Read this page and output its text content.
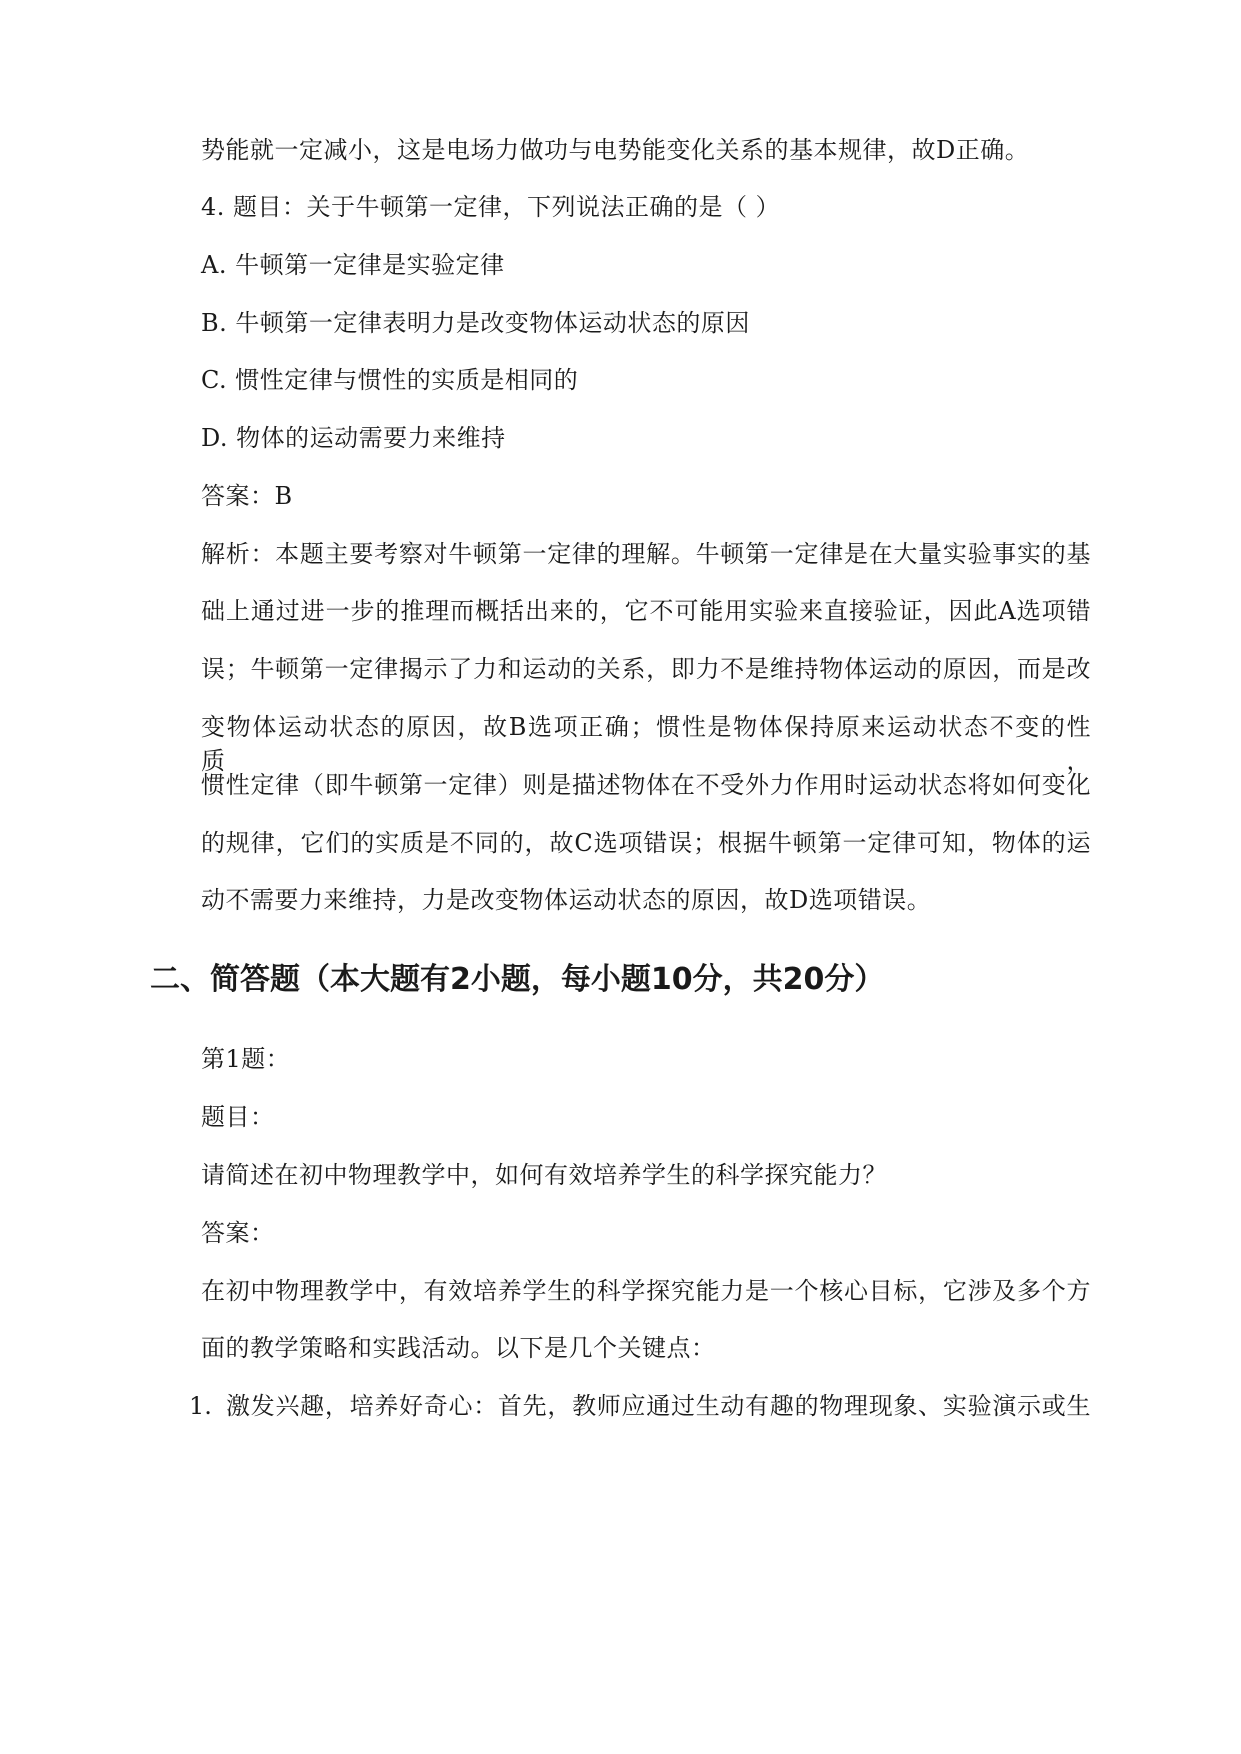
势能就一定减小，这是电场力做功与电势能变化关系的基本规律，故D正确。
4. 题目：关于牛顿第一定律，下列说法正确的是（ ）
A. 牛顿第一定律是实验定律
B. 牛顿第一定律表明力是改变物体运动状态的原因
C. 惯性定律与惯性的实质是相同的
D. 物体的运动需要力来维持
答案：B
解析：本题主要考察对牛顿第一定律的理解。牛顿第一定律是在大量实验事实的基
础上通过进一步的推理而概括出来的，它不可能用实验来直接验证，因此A选项错
误；牛顿第一定律揭示了力和运动的关系，即力不是维持物体运动的原因，而是改
变物体运动状态的原因，故B选项正确；惯性是物体保持原来运动状态不变的性质，
惯性定律（即牛顿第一定律）则是描述物体在不受外力作用时运动状态将如何变化
的规律，它们的实质是不同的，故C选项错误；根据牛顿第一定律可知，物体的运
动不需要力来维持，力是改变物体运动状态的原因，故D选项错误。
二、简答题（本大题有2小题，每小题10分，共20分）
第1题：
题目：
请简述在初中物理教学中，如何有效培养学生的科学探究能力？
答案：
在初中物理教学中，有效培养学生的科学探究能力是一个核心目标，它涉及多个方
面的教学策略和实践活动。以下是几个关键点：
1. 激发兴趣，培养好奇心：首先，教师应通过生动有趣的物理现象、实验演示或生
